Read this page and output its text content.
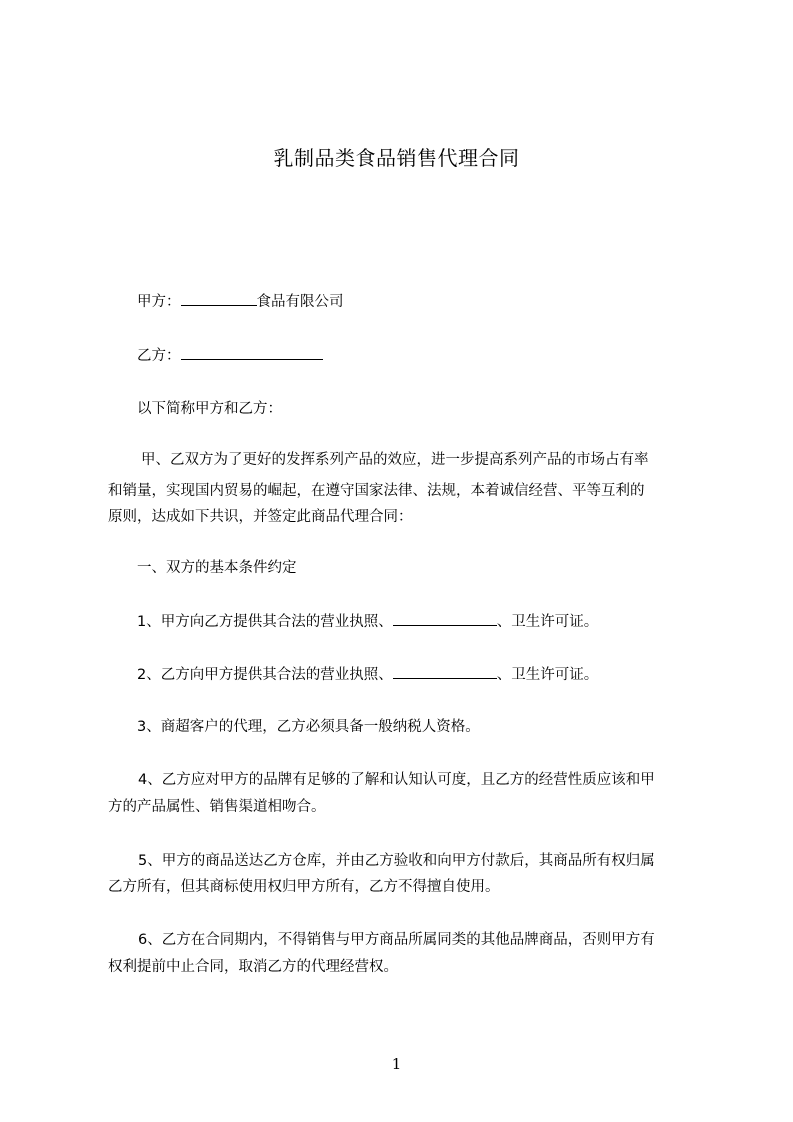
乳制品类食品销售代理合同
甲方：	食品有限公司
乙方：
以下简称甲方和乙方：
甲、乙双方为了更好的发挥系列产品的效应，进一步提高系列产品的市场占有率
和销量，实现国内贸易的崛起，在遵守国家法律、法规，本着诚信经营、平等互利的
原则，达成如下共识，并签定此商品代理合同：
一、双方的基本条件约定
1、甲方向乙方提供其合法的营业执照、	、卫生许可证。
2、乙方向甲方提供其合法的营业执照、	、卫生许可证。
3、商超客户的代理，乙方必须具备一般纳税人资格。
4、乙方应对甲方的品牌有足够的了解和认知认可度，且乙方的经营性质应该和甲
方的产品属性、销售渠道相吻合。
5、甲方的商品送达乙方仓库，并由乙方验收和向甲方付款后，其商品所有权归属
乙方所有，但其商标使用权归甲方所有，乙方不得擅自使用。
6、乙方在合同期内，不得销售与甲方商品所属同类的其他品牌商品，否则甲方有
权利提前中止合同，取消乙方的代理经营权。
1
